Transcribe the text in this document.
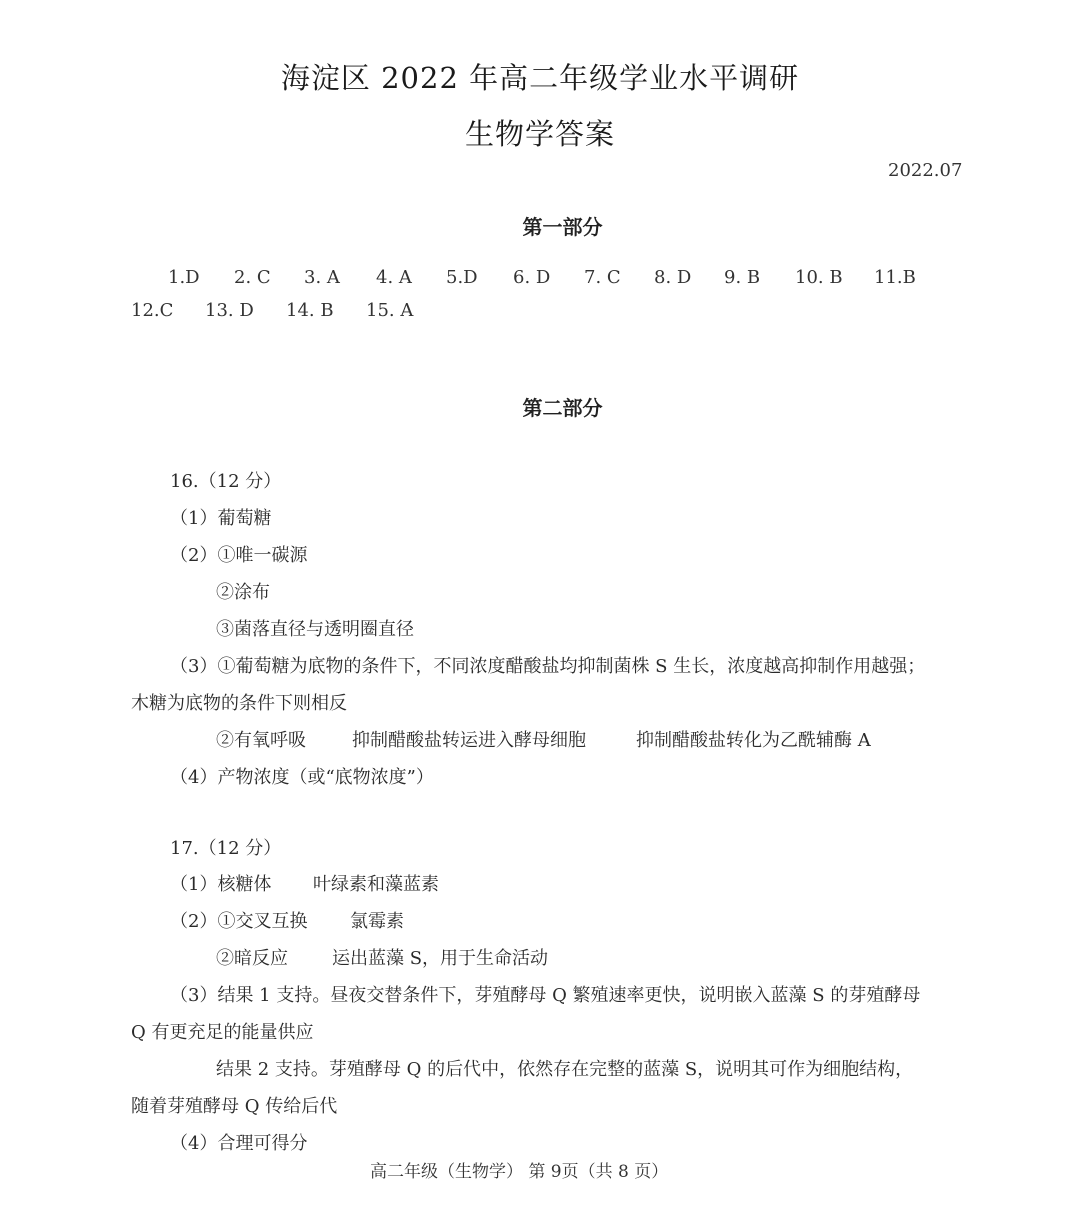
海淀区 2022 年高二年级学业水平调研
生物学答案
2022.07
第一部分
1.D 2. C 3. A 4. A 5.D 6. D 7. C 8. D 9. B 10. B 11.B
12.C 13. D 14. B 15. A
第二部分
16.（12 分）
（1）葡萄糖
（2）①唯一碳源
②涂布
③菌落直径与透明圈直径
（3）①葡萄糖为底物的条件下，不同浓度醋酸盐均抑制菌株 S 生长，浓度越高抑制作用越强；
木糖为底物的条件下则相反
②有氧呼吸	抑制醋酸盐转运进入酵母细胞	抑制醋酸盐转化为乙酰辅酶 A
（4）产物浓度（或“底物浓度”）
17.（12 分）
（1）核糖体 叶绿素和藻蓝素
（2）①交叉互换 氯霉素
②暗反应 运出蓝藻 S，用于生命活动
（3）结果 1 支持。昼夜交替条件下，芽殖酵母 Q 繁殖速率更快，说明嵌入蓝藻 S 的芽殖酵母
Q 有更充足的能量供应
结果 2 支持。芽殖酵母 Q 的后代中，依然存在完整的蓝藻 S，说明其可作为细胞结构，
随着芽殖酵母 Q 传给后代
（4）合理可得分
高二年级（生物学） 第 9页（共 8 页）
